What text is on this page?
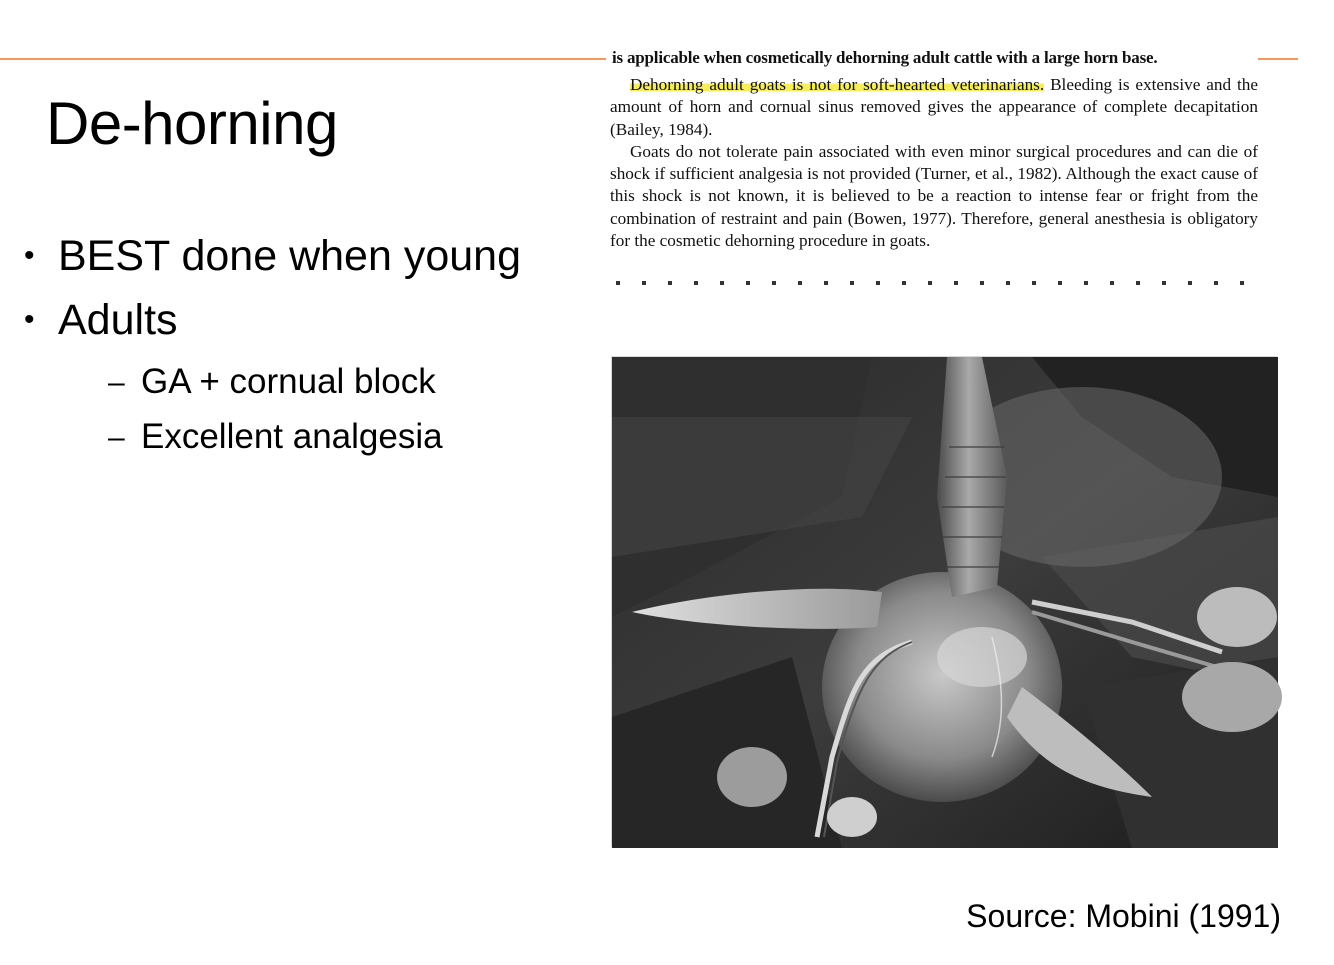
De-horning
• BEST done when young
• Adults
– GA + cornual block
– Excellent analgesia
is applicable when cosmetically dehorning adult cattle with a large horn base.

Dehorning adult goats is not for soft-hearted veterinarians. Bleeding is extensive and the amount of horn and cornual sinus removed gives the appearance of complete decapitation (Bailey, 1984).

Goats do not tolerate pain associated with even minor surgical procedures and can die of shock if sufficient analgesia is not provided (Turner, et al., 1982). Although the exact cause of this shock is not known, it is believed to be a reaction to intense fear or fright from the combination of restraint and pain (Bowen, 1977). Therefore, general anesthesia is obligatory for the cosmetic dehorning procedure in goats.

Source: Mobini (1991)
